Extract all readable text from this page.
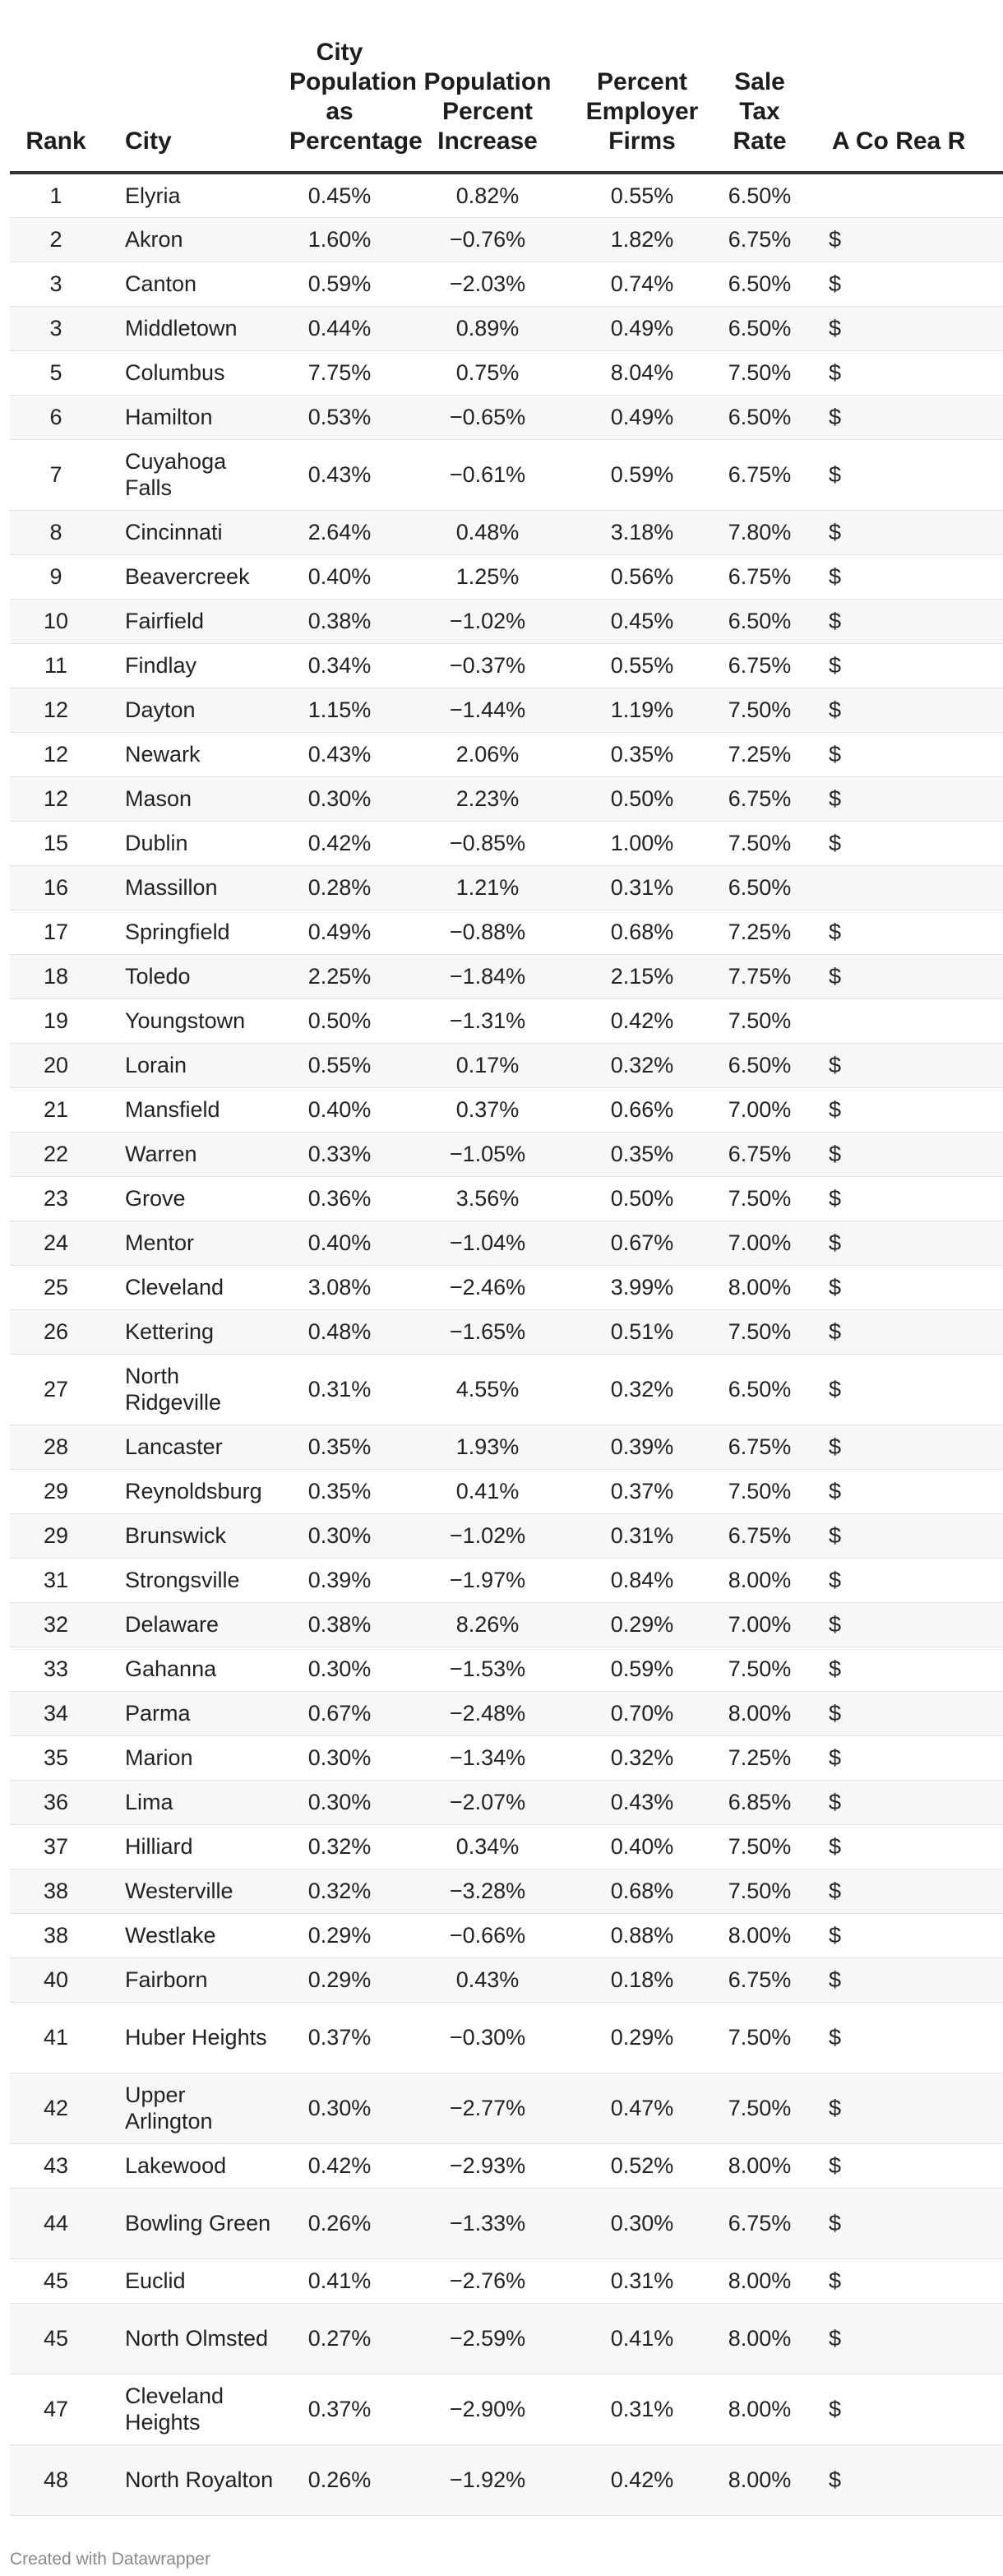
Rank	City	City Population as Percentage	Population Percent Increase	Percent Employer Firms	Sale Tax Rate	A Co Rea R
1	Elyria	0.45%	0.82%	0.55%	6.50%	
2	Akron	1.60%	−0.76%	1.82%	6.75%	$
3	Canton	0.59%	−2.03%	0.74%	6.50%	$
3	Middletown	0.44%	0.89%	0.49%	6.50%	$
5	Columbus	7.75%	0.75%	8.04%	7.50%	$
6	Hamilton	0.53%	−0.65%	0.49%	6.50%	$
7	Cuyahoga Falls	0.43%	−0.61%	0.59%	6.75%	$
8	Cincinnati	2.64%	0.48%	3.18%	7.80%	$
9	Beavercreek	0.40%	1.25%	0.56%	6.75%	$
10	Fairfield	0.38%	−1.02%	0.45%	6.50%	$
11	Findlay	0.34%	−0.37%	0.55%	6.75%	$
12	Dayton	1.15%	−1.44%	1.19%	7.50%	$
12	Newark	0.43%	2.06%	0.35%	7.25%	$
12	Mason	0.30%	2.23%	0.50%	6.75%	$
15	Dublin	0.42%	−0.85%	1.00%	7.50%	$
16	Massillon	0.28%	1.21%	0.31%	6.50%	
17	Springfield	0.49%	−0.88%	0.68%	7.25%	$
18	Toledo	2.25%	−1.84%	2.15%	7.75%	$
19	Youngstown	0.50%	−1.31%	0.42%	7.50%	
20	Lorain	0.55%	0.17%	0.32%	6.50%	$
21	Mansfield	0.40%	0.37%	0.66%	7.00%	$
22	Warren	0.33%	−1.05%	0.35%	6.75%	$
23	Grove	0.36%	3.56%	0.50%	7.50%	$
24	Mentor	0.40%	−1.04%	0.67%	7.00%	$
25	Cleveland	3.08%	−2.46%	3.99%	8.00%	$
26	Kettering	0.48%	−1.65%	0.51%	7.50%	$
27	North Ridgeville	0.31%	4.55%	0.32%	6.50%	$
28	Lancaster	0.35%	1.93%	0.39%	6.75%	$
29	Reynoldsburg	0.35%	0.41%	0.37%	7.50%	$
29	Brunswick	0.30%	−1.02%	0.31%	6.75%	$
31	Strongsville	0.39%	−1.97%	0.84%	8.00%	$
32	Delaware	0.38%	8.26%	0.29%	7.00%	$
33	Gahanna	0.30%	−1.53%	0.59%	7.50%	$
34	Parma	0.67%	−2.48%	0.70%	8.00%	$
35	Marion	0.30%	−1.34%	0.32%	7.25%	$
36	Lima	0.30%	−2.07%	0.43%	6.85%	$
37	Hilliard	0.32%	0.34%	0.40%	7.50%	$
38	Westerville	0.32%	−3.28%	0.68%	7.50%	$
38	Westlake	0.29%	−0.66%	0.88%	8.00%	$
40	Fairborn	0.29%	0.43%	0.18%	6.75%	$
41	Huber Heights	0.37%	−0.30%	0.29%	7.50%	$
42	Upper Arlington	0.30%	−2.77%	0.47%	7.50%	$
43	Lakewood	0.42%	−2.93%	0.52%	8.00%	$
44	Bowling Green	0.26%	−1.33%	0.30%	6.75%	$
45	Euclid	0.41%	−2.76%	0.31%	8.00%	$
45	North Olmsted	0.27%	−2.59%	0.41%	8.00%	$
47	Cleveland Heights	0.37%	−2.90%	0.31%	8.00%	$
48	North Royalton	0.26%	−1.92%	0.42%	8.00%	$
Created with Datawrapper
